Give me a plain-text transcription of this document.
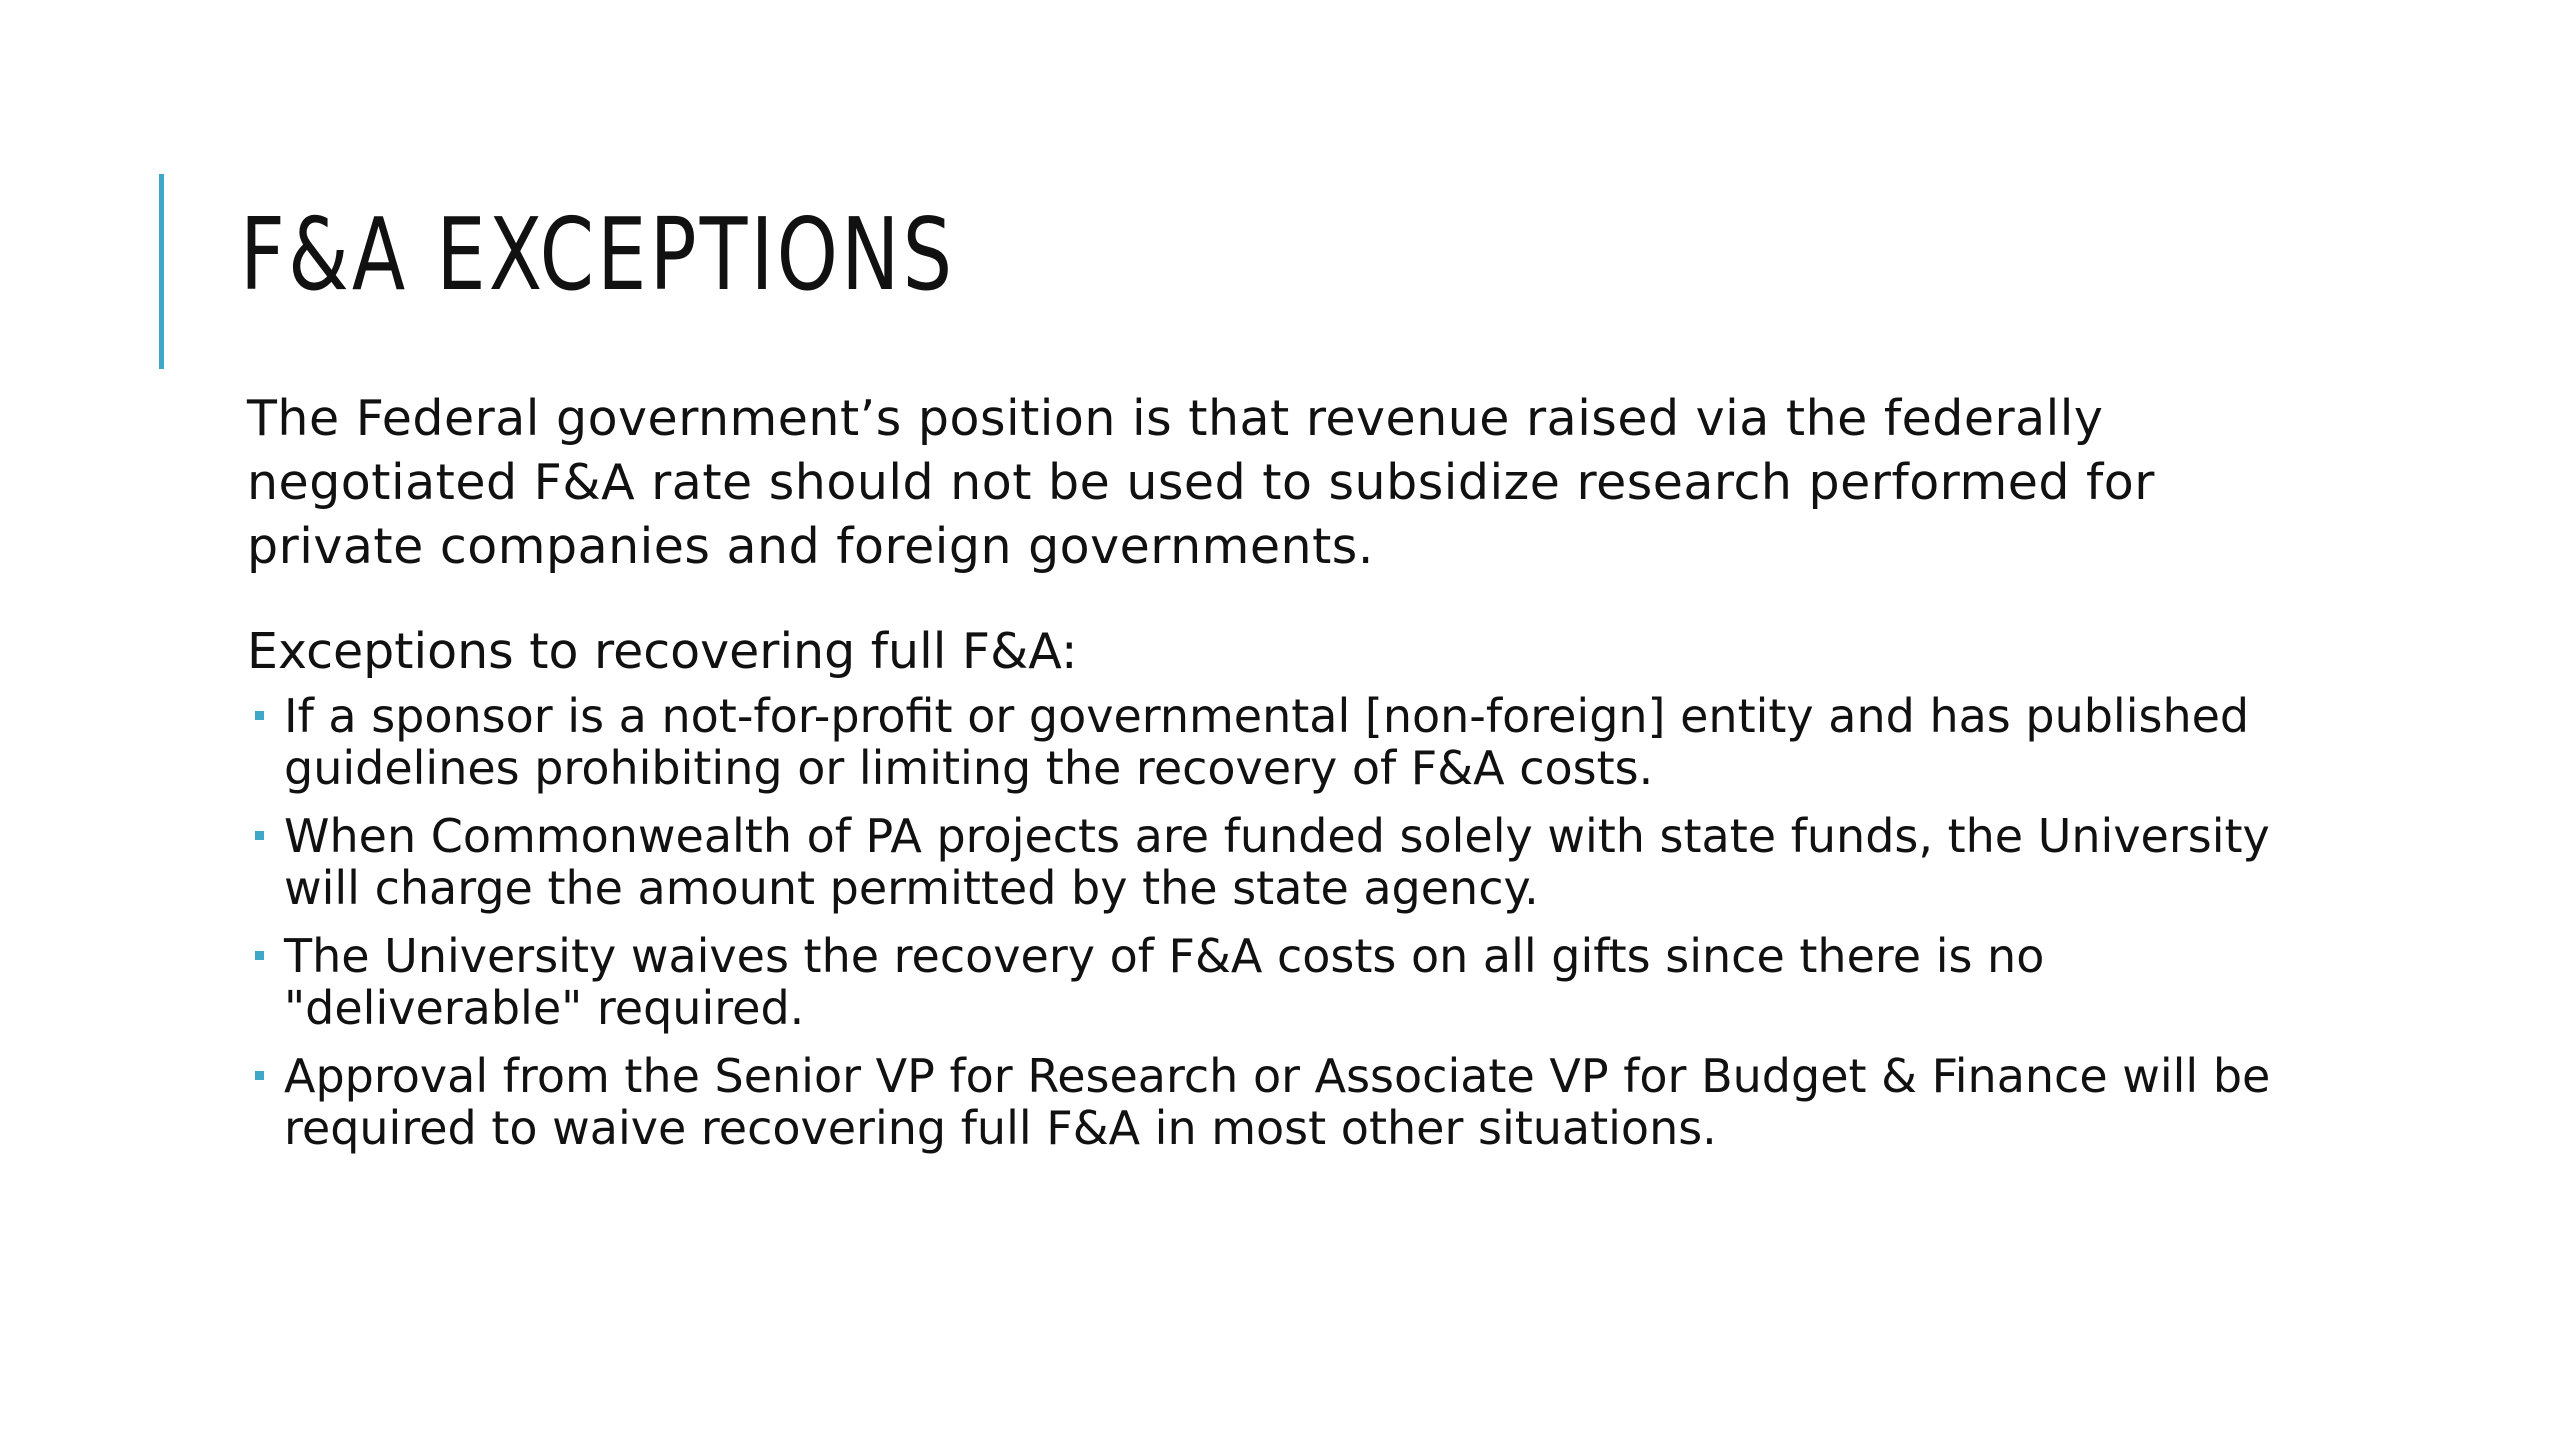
F&A EXCEPTIONS

The Federal government’s position is that revenue raised via the federally negotiated F&A rate should not be used to subsidize research performed for private companies and foreign governments.

Exceptions to recovering full F&A:

If a sponsor is a not-for-profit or governmental [non-foreign] entity and has published guidelines prohibiting or limiting the recovery of F&A costs.
When Commonwealth of PA projects are funded solely with state funds, the University will charge the amount permitted by the state agency.
The University waives the recovery of F&A costs on all gifts since there is no "deliverable" required.
Approval from the Senior VP for Research or Associate VP for Budget & Finance will be required to waive recovering full F&A in most other situations.
